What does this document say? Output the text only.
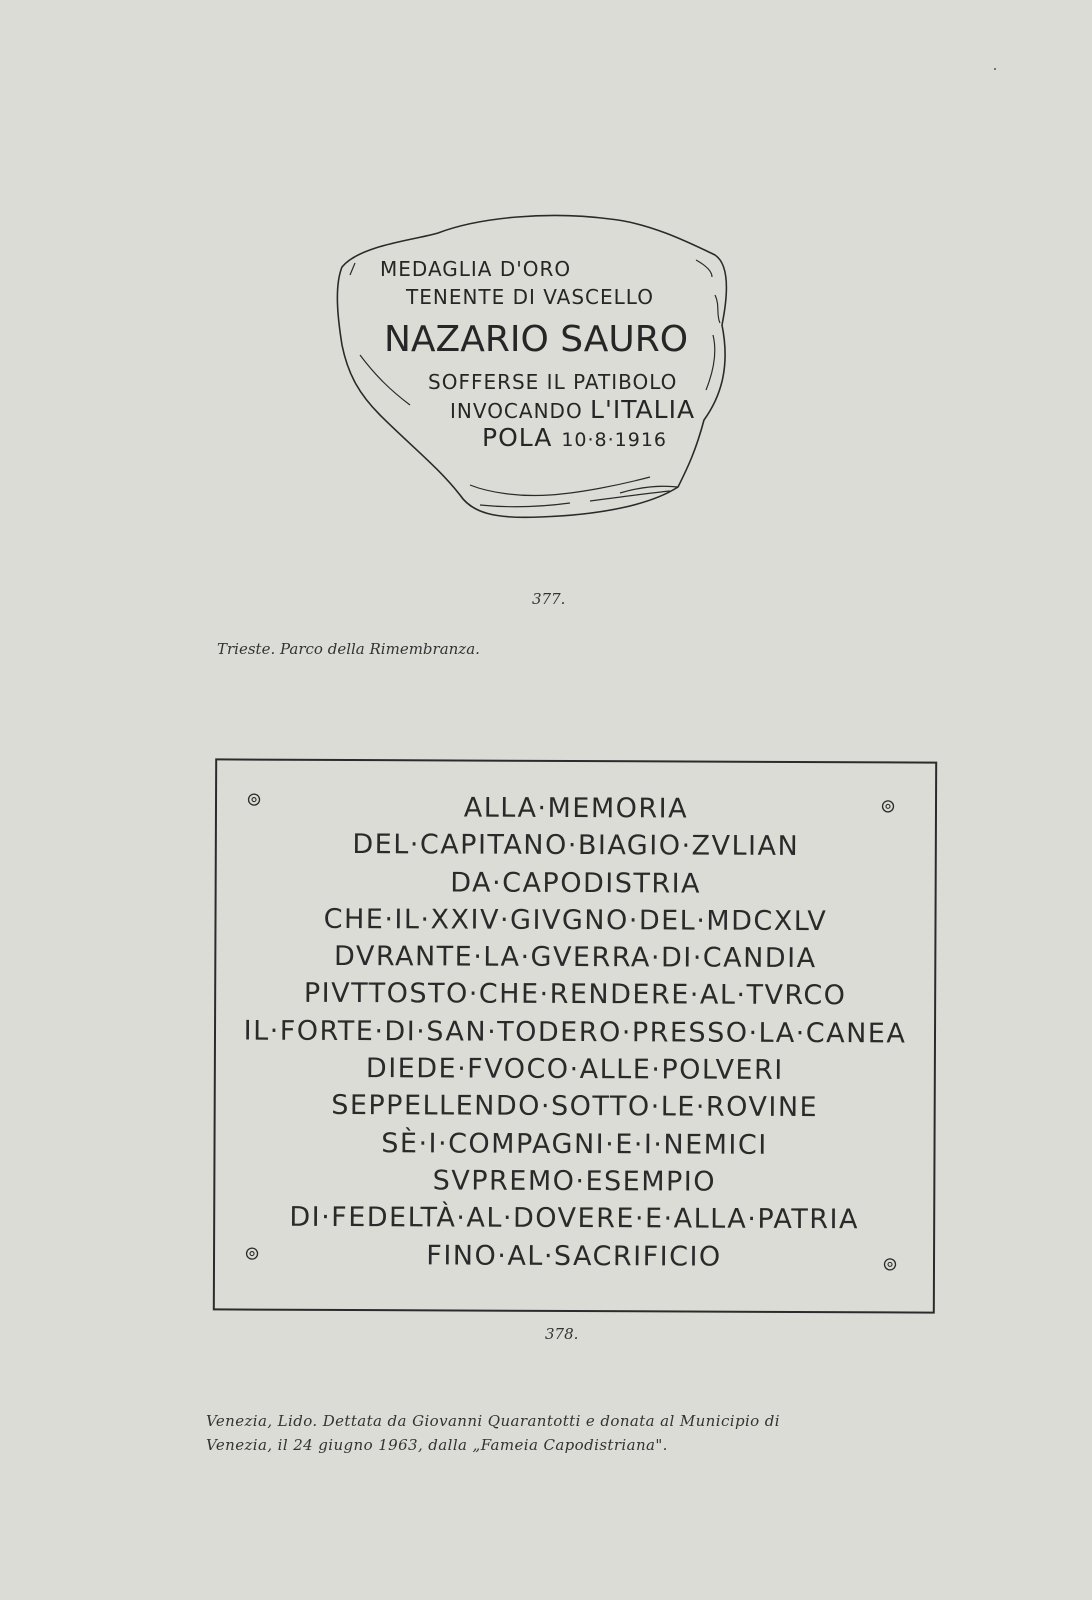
MEDAGLIA D'ORO
TENENTE DI VASCELLO
NAZARIO SAURO
SOFFERSE IL PATIBOLO
INVOCANDO L'ITALIA
POLA 10·8·1916
377.
Trieste. Parco della Rimembranza.
ALLA·MEMORIA
DEL·CAPITANO·BIAGIO·ZVLIAN
DA·CAPODISTRIA
CHE·IL·XXIV·GIVGNO·DEL·MDCXLV
DVRANTE·LA·GVERRA·DI·CANDIA
PIVTTOSTO·CHE·RENDERE·AL·TVRCO
IL·FORTE·DI·SAN·TODERO·PRESSO·LA·CANEA
DIEDE·FVOCO·ALLE·POLVERI
SEPPELLENDO·SOTTO·LE·ROVINE
SÈ·I·COMPAGNI·E·I·NEMICI
SVPREMO·ESEMPIO
DI·FEDELTÀ·AL·DOVERE·E·ALLA·PATRIA
FINO·AL·SACRIFICIO
378.
Venezia, Lido. Dettata da Giovanni Quarantotti e donata al Municipio di
Venezia, il 24 giugno 1963, dalla „Fameia Capodistriana".
